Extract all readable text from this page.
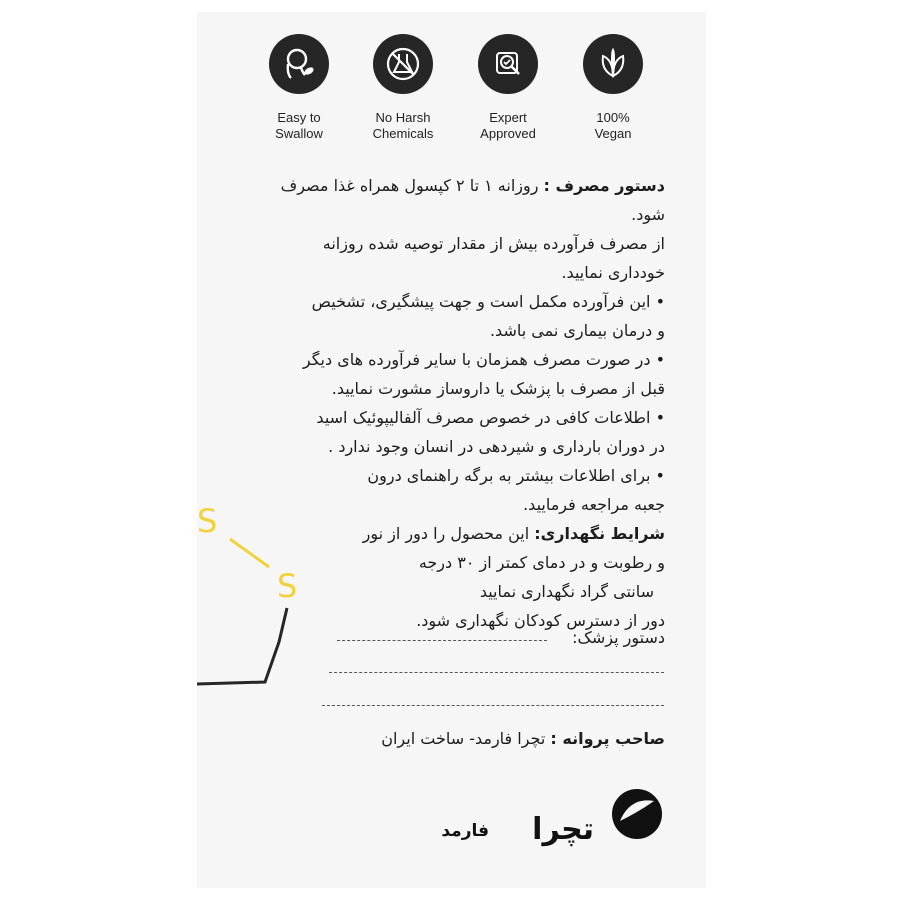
S
S
Easy to
Swallow
No Harsh
Chemicals
Expert
Approved
100%
Vegan
دستور مصرف : روزانه ۱ تا ۲ کپسول همراه غذا مصرف
شود.
از مصرف فرآورده بیش از مقدار توصیه شده روزانه
خودداری نمایید.
• این فرآورده مکمل است و جهت پیشگیری، تشخیص
و درمان بیماری نمی باشد.
• در صورت مصرف همزمان با سایر فرآورده های دیگر
قبل از مصرف با پزشک یا داروساز مشورت نمایید.
• اطلاعات کافی در خصوص مصرف آلفالیپوئیک اسید
در دوران بارداری و شیردهی در انسان وجود ندارد .
• برای اطلاعات بیشتر به برگه راهنمای درون
جعبه مراجعه فرمایید.
شرایط نگهداری: این محصول را دور از نور
و رطوبت و در دمای کمتر از ۳۰ درجه
سانتی گراد نگهداری نمایید
دور از دسترس کودکان نگهداری شود.
دستور پزشک:
صاحب پروانه : تچرا فارمد- ساخت ایران
تچرا
فارمد
